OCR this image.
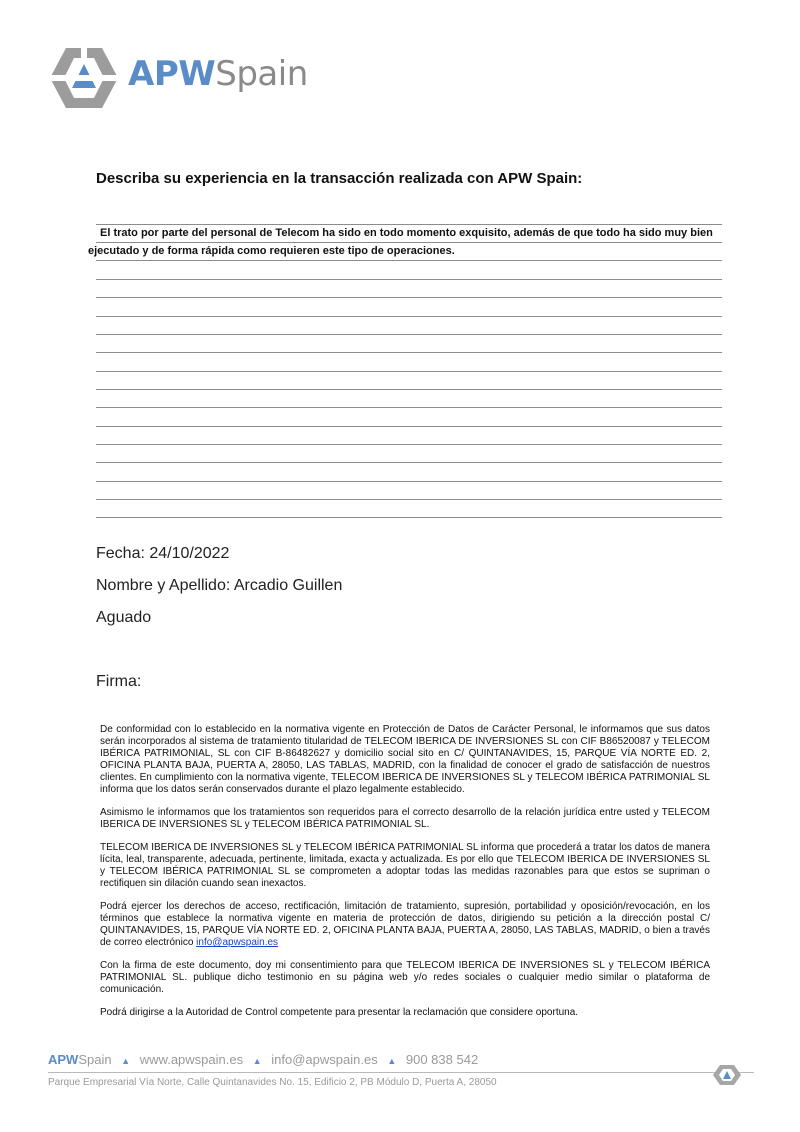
APWSpain
Describa su experiencia en la transacción realizada con APW Spain:
El trato por parte del personal de Telecom ha sido en todo momento exquisito, además de que todo ha sido muy bien
ejecutado y de forma rápida como requieren este tipo de operaciones.
Fecha: 24/10/2022
Nombre y Apellido: Arcadio Guillen
Aguado
Firma:

De conformidad con lo establecido en la normativa vigente en Protección de Datos de Carácter Personal, le informamos que sus datos serán incorporados al sistema de tratamiento titularidad de TELECOM IBERICA DE INVERSIONES SL con CIF B86520087 y TELECOM IBÉRICA PATRIMONIAL, SL con CIF B-86482627 y domicilio social sito en C/ QUINTANAVIDES, 15, PARQUE VÍA NORTE ED. 2, OFICINA PLANTA BAJA, PUERTA A, 28050, LAS TABLAS, MADRID, con la finalidad de conocer el grado de satisfacción de nuestros clientes. En cumplimiento con la normativa vigente, TELECOM IBERICA DE INVERSIONES SL y TELECOM IBÉRICA PATRIMONIAL SL informa que los datos serán conservados durante el plazo legalmente establecido.

Asimismo le informamos que los tratamientos son requeridos para el correcto desarrollo de la relación jurídica entre usted y TELECOM IBERICA DE INVERSIONES SL y TELECOM IBÉRICA PATRIMONIAL SL.

TELECOM IBERICA DE INVERSIONES SL y TELECOM IBÉRICA PATRIMONIAL SL informa que procederá a tratar los datos de manera lícita, leal, transparente, adecuada, pertinente, limitada, exacta y actualizada. Es por ello que TELECOM IBERICA DE INVERSIONES SL y TELECOM IBÉRICA PATRIMONIAL SL se comprometen a adoptar todas las medidas razonables para que estos se supriman o rectifiquen sin dilación cuando sean inexactos.

Podrá ejercer los derechos de acceso, rectificación, limitación de tratamiento, supresión, portabilidad y oposición/revocación, en los términos que establece la normativa vigente en materia de protección de datos, dirigiendo su petición a la dirección postal C/ QUINTANAVIDES, 15, PARQUE VÍA NORTE ED. 2, OFICINA PLANTA BAJA, PUERTA A, 28050, LAS TABLAS, MADRID, o bien a través de correo electrónico info@apwspain.es

Con la firma de este documento, doy mi consentimiento para que TELECOM IBERICA DE INVERSIONES SL y TELECOM IBÉRICA PATRIMONIAL SL. publique dicho testimonio en su página web y/o redes sociales o cualquier medio similar o plataforma de comunicación.

Podrá dirigirse a la Autoridad de Control competente para presentar la reclamación que considere oportuna.

APWSpain ▲ www.apwspain.es ▲ info@apwspain.es ▲ 900 838 542
Parque Empresarial Vía Norte, Calle Quintanavides No. 15, Edificio 2, PB Módulo D, Puerta A, 28050
